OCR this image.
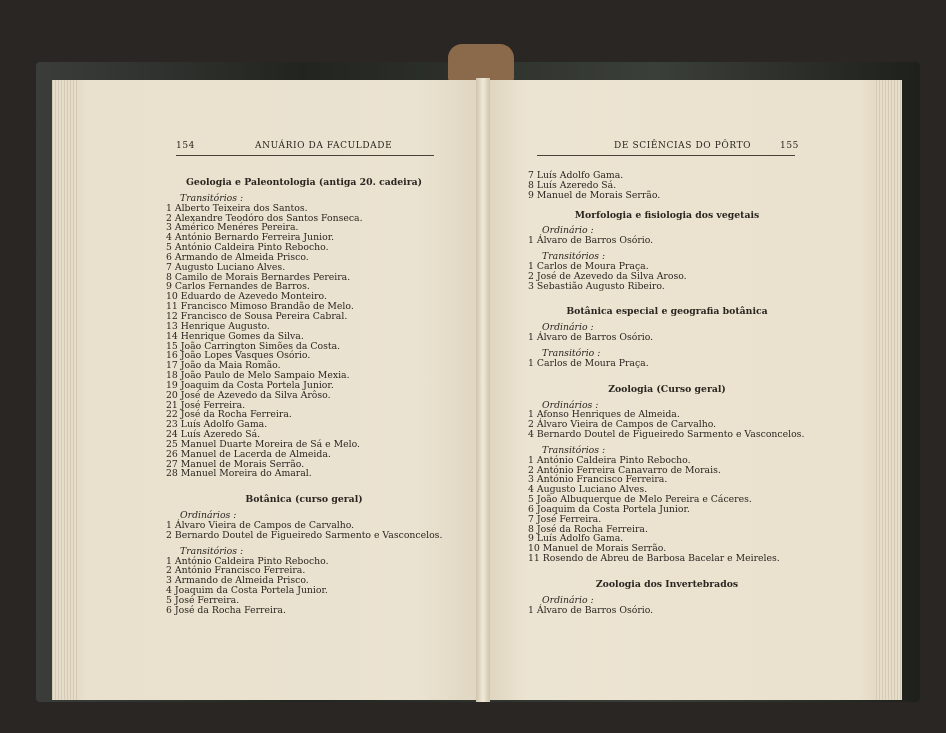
154	ANUÁRIO DA FACULDADE	DE SCIÊNCIAS DO PÔRTO	155
Geologia e Paleontologia (antiga 20. cadeira)
Transitórios :
1 Alberto Teixeira dos Santos.
2 Alexandre Teodóro dos Santos Fonseca.
3 Américo Menéres Pereira.
4 António Bernardo Ferreira Junior.
5 António Caldeira Pinto Rebocho.
6 Armando de Almeida Prisco.
7 Augusto Luciano Alves.
8 Camilo de Morais Bernardes Pereira.
9 Carlos Fernandes de Barros.
10 Eduardo de Azevedo Monteiro.
11 Francisco Mimoso Brandão de Melo.
12 Francisco de Sousa Pereira Cabral.
13 Henrique Augusto.
14 Henrique Gomes da Silva.
15 João Carrington Simões da Costa.
16 João Lopes Vasques Osório.
17 João da Maia Romão.
18 João Paulo de Melo Sampaio Mexia.
19 Joaquim da Costa Portela Junior.
20 José de Azevedo da Silva Arôso.
21 José Ferreira.
22 José da Rocha Ferreira.
23 Luís Adolfo Gama.
24 Luís Azeredo Sá.
25 Manuel Duarte Moreira de Sá e Melo.
26 Manuel de Lacerda de Almeida.
27 Manuel de Morais Serrão.
28 Manuel Moreira do Amaral.
Botânica (curso geral)
Ordinários :
1 Álvaro Vieira de Campos de Carvalho.
2 Bernardo Doutel de Figueiredo Sarmento e Vasconcelos.
Transitórios :
1 António Caldeira Pinto Rebocho.
2 António Francisco Ferreira.
3 Armando de Almeida Prisco.
4 Joaquim da Costa Portela Junior.
5 José Ferreira.
6 José da Rocha Ferreira.
7 Luís Adolfo Gama.
8 Luís Azeredo Sá.
9 Manuel de Morais Serrão.
Morfologia e fisiologia dos vegetais
Ordinário :
1 Álvaro de Barros Osório.
Transitórios :
1 Carlos de Moura Praça.
2 José de Azevedo da Silva Aroso.
3 Sebastião Augusto Ribeiro.
Botânica especial e geografia botânica
Ordinário :
1 Álvaro de Barros Osório.
Transitório :
1 Carlos de Moura Praça.
Zoologia (Curso geral)
Ordinários :
1 Afonso Henriques de Almeida.
2 Álvaro Vieira de Campos de Carvalho.
4 Bernardo Doutel de Figueiredo Sarmento e Vasconcelos.
Transitórios :
1 António Caldeira Pinto Rebocho.
2 António Ferreira Canavarro de Morais.
3 António Francisco Ferreira.
4 Augusto Luciano Alves.
5 João Albuquerque de Melo Pereira e Cáceres.
6 Joaquim da Costa Portela Junior.
7 José Ferreira.
8 José da Rocha Ferreira.
9 Luís Adolfo Gama.
10 Manuel de Morais Serrão.
11 Rosendo de Abreu de Barbosa Bacelar e Meireles.
Zoologia dos Invertebrados
Ordinário :
1 Álvaro de Barros Osório.
